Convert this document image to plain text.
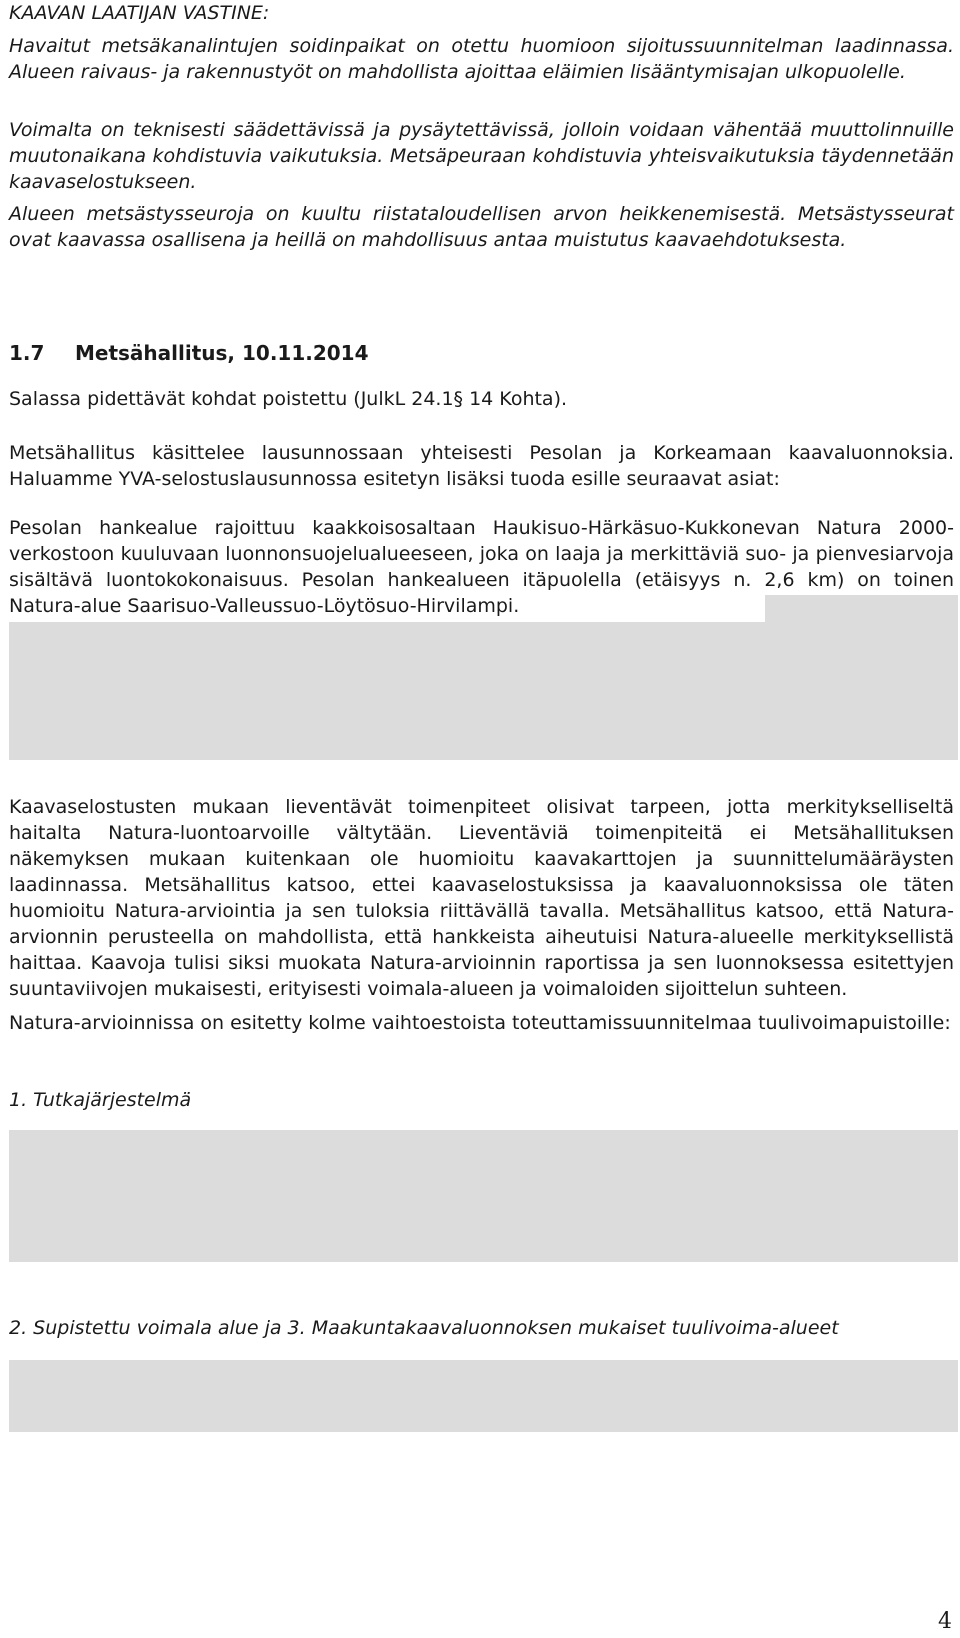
KAAVAN LAATIJAN VASTINE:

Havaitut metsäkanalintujen soidinpaikat on otettu huomioon sijoitussuunnitelman laadinnassa. Alueen raivaus- ja rakennustyöt on mahdollista ajoittaa eläimien lisääntymisajan ulkopuolelle.

Voimalta on teknisesti säädettävissä ja pysäytettävissä, jolloin voidaan vähentää muuttolinnuille muutonaikana kohdistuvia vaikutuksia. Metsäpeuraan kohdistuvia yhteisvaikutuksia täydennetään kaavaselostukseen.

Alueen metsästysseuroja on kuultu riistataloudellisen arvon heikkenemisestä. Metsästysseurat ovat kaavassa osallisena ja heillä on mahdollisuus antaa muistutus kaavaehdotuksesta.

1.7 Metsähallitus, 10.11.2014

Salassa pidettävät kohdat poistettu (JulkL 24.1§ 14 Kohta).

Metsähallitus käsittelee lausunnossaan yhteisesti Pesolan ja Korkeamaan kaavaluonnoksia. Haluamme YVA-selostuslausunnossa esitetyn lisäksi tuoda esille seuraavat asiat:

Pesolan hankealue rajoittuu kaakkoisosaltaan Haukisuo-Härkäsuo-Kukkonevan Natura 2000-verkostoon kuuluvaan luonnonsuojelualueeseen, joka on laaja ja merkittäviä suo- ja pienvesiarvoja sisältävä luontokokonaisuus. Pesolan hankealueen itäpuolella (etäisyys n. 2,6 km) on toinen Natura-alue Saarisuo-Valleussuo-Löytösuo-Hirvilampi.

Kaavaselostusten mukaan lieventävät toimenpiteet olisivat tarpeen, jotta merkitykselliseltä haitalta Natura-luontoarvoille vältytään. Lieventäviä toimenpiteitä ei Metsähallituksen näkemyksen mukaan kuitenkaan ole huomioitu kaavakarttojen ja suunnittelumääräysten laadinnassa. Metsähallitus katsoo, ettei kaavaselostuksissa ja kaavaluonnoksissa ole täten huomioitu Natura-arviointia ja sen tuloksia riittävällä tavalla. Metsähallitus katsoo, että Natura-arvionnin perusteella on mahdollista, että hankkeista aiheutuisi Natura-alueelle merkityksellistä haittaa. Kaavoja tulisi siksi muokata Natura-arvioinnin raportissa ja sen luonnoksessa esitettyjen suuntaviivojen mukaisesti, erityisesti voimala-alueen ja voimaloiden sijoittelun suhteen.

Natura-arvioinnissa on esitetty kolme vaihtoestoista toteuttamissuunnitelmaa tuulivoimapuistoille:

1. Tutkajärjestelmä

2. Supistettu voimala alue ja 3. Maakuntakaavaluonnoksen mukaiset tuulivoima-alueet

4
